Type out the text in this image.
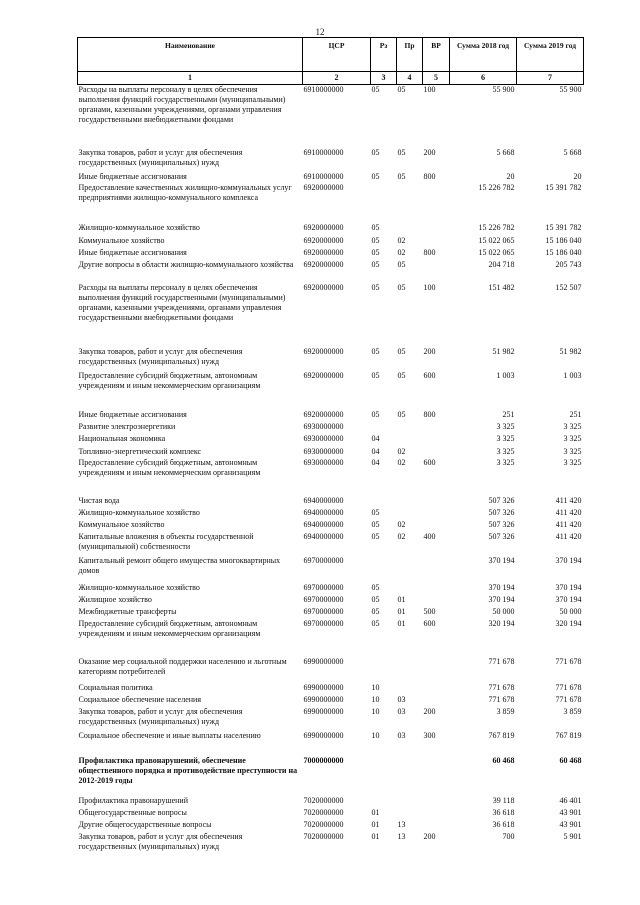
12
Наименование	ЦСР	Рз	Пр	ВР	Сумма 2018 год	Сумма 2019 год
1	2	3	4	5	6	7
Расходы на выплаты персоналу в целях обеспечения выполнения функций государственными (муниципальными) органами, казенными учреждениями, органами управления государственными внебюджетными фондами	6910000000	05	05	100	55 900	55 900
Закупка товаров, работ и услуг для обеспечения государственных (муниципальных) нужд	6910000000	05	05	200	5 668	5 668
Иные бюджетные ассигнования	6910000000	05	05	800	20	20
Предоставление качественных жилищно-коммунальных услуг предприятиями жилищно-коммунального комплекса	6920000000				15 226 782	15 391 782
Жилищно-коммунальное хозяйство	6920000000	05			15 226 782	15 391 782
Коммунальное хозяйство	6920000000	05	02		15 022 065	15 186 040
Иные бюджетные ассигнования	6920000000	05	02	800	15 022 065	15 186 040
Другие вопросы в области жилищно-коммунального хозяйства	6920000000	05	05		204 718	205 743
Расходы на выплаты персоналу в целях обеспечения выполнения функций государственными (муниципальными) органами, казенными учреждениями, органами управления государственными внебюджетными фондами	6920000000	05	05	100	151 482	152 507
Закупка товаров, работ и услуг для обеспечения государственных (муниципальных) нужд	6920000000	05	05	200	51 982	51 982
Предоставление субсидий бюджетным, автономным учреждениям и иным некоммерческим организациям	6920000000	05	05	600	1 003	1 003
Иные бюджетные ассигнования	6920000000	05	05	800	251	251
Развитие электроэнергетики	6930000000				3 325	3 325
Национальная экономика	6930000000	04			3 325	3 325
Топливно-энергетический комплекс	6930000000	04	02		3 325	3 325
Предоставление субсидий бюджетным, автономным учреждениям и иным некоммерческим организациям	6930000000	04	02	600	3 325	3 325
Чистая вода	6940000000				507 326	411 420
Жилищно-коммунальное хозяйство	6940000000	05			507 326	411 420
Коммунальное хозяйство	6940000000	05	02		507 326	411 420
Капитальные вложения в объекты государственной (муниципальной) собственности	6940000000	05	02	400	507 326	411 420
Капитальный ремонт общего имущества многоквартирных домов	6970000000				370 194	370 194
Жилищно-коммунальное хозяйство	6970000000	05			370 194	370 194
Жилищное хозяйство	6970000000	05	01		370 194	370 194
Межбюджетные трансферты	6970000000	05	01	500	50 000	50 000
Предоставление субсидий бюджетным, автономным учреждениям и иным некоммерческим организациям	6970000000	05	01	600	320 194	320 194
Оказание мер социальной поддержки населению и льготным категориям потребителей	6990000000				771 678	771 678
Социальная политика	6990000000	10			771 678	771 678
Социальное обеспечение населения	6990000000	10	03		771 678	771 678
Закупка товаров, работ и услуг для обеспечения государственных (муниципальных) нужд	6990000000	10	03	200	3 859	3 859
Социальное обеспечение и иные выплаты населению	6990000000	10	03	300	767 819	767 819
Профилактика правонарушений, обеспечение общественного порядка и противодействие преступности на 2012-2019 годы	7000000000				60 468	60 468
Профилактика правонарушений	7020000000				39 118	46 401
Общегосударственные вопросы	7020000000	01			36 618	43 901
Другие общегосударственные вопросы	7020000000	01	13		36 618	43 901
Закупка товаров, работ и услуг для обеспечения государственных (муниципальных) нужд	7020000000	01	13	200	700	5 901
